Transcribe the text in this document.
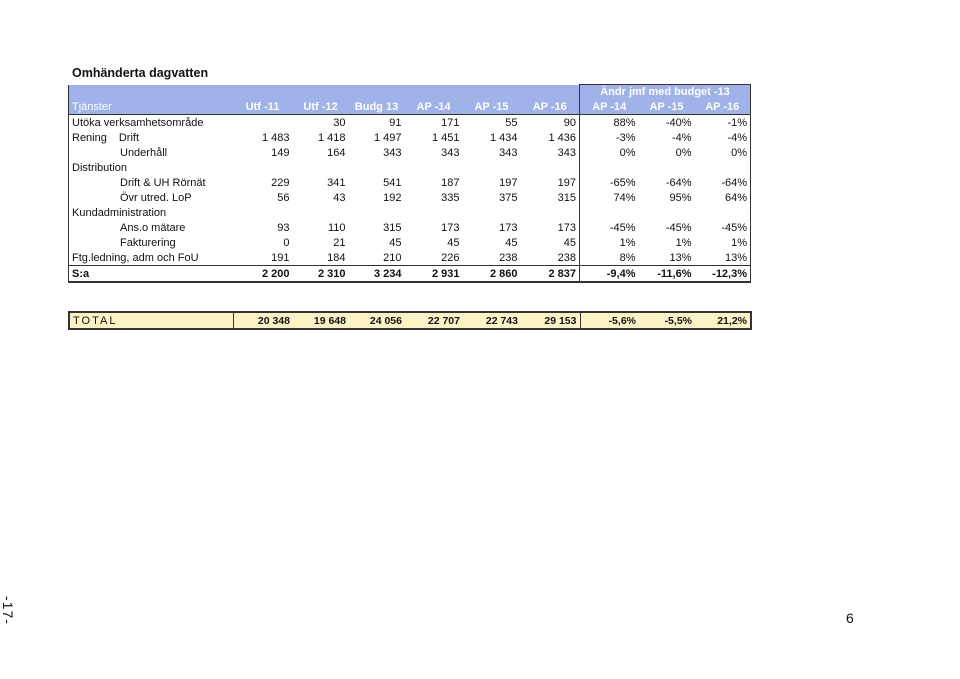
Omhänderta dagvatten
							Ändr jmf med budget -13		
Tjänster	Utf -11	Utf -12	Budg 13	AP -14	AP -15	AP -16	AP -14	AP -15	AP -16
Utöka verksamhetsområde		30	91	171	55	90	88%	-40%	-1%
Rening Drift	1 483	1 418	1 497	1 451	1 434	1 436	-3%	-4%	-4%
Underhåll	149	164	343	343	343	343	0%	0%	0%
Distribution									
Drift & UH Rörnät	229	341	541	187	197	197	-65%	-64%	-64%
Övr utred. LoP	56	43	192	335	375	315	74%	95%	64%
Kundadministration									
Ans.o mätare	93	110	315	173	173	173	-45%	-45%	-45%
Fakturering	0	21	45	45	45	45	1%	1%	1%
Ftg.ledning, adm och FoU	191	184	210	226	238	238	8%	13%	13%
S:a	2 200	2 310	3 234	2 931	2 860	2 837	-9,4%	-11,6%	-12,3%
TOTAL	20 348	19 648	24 056	22 707	22 743	29 153	-5,6%	-5,5%	21,2%
-17-	6
